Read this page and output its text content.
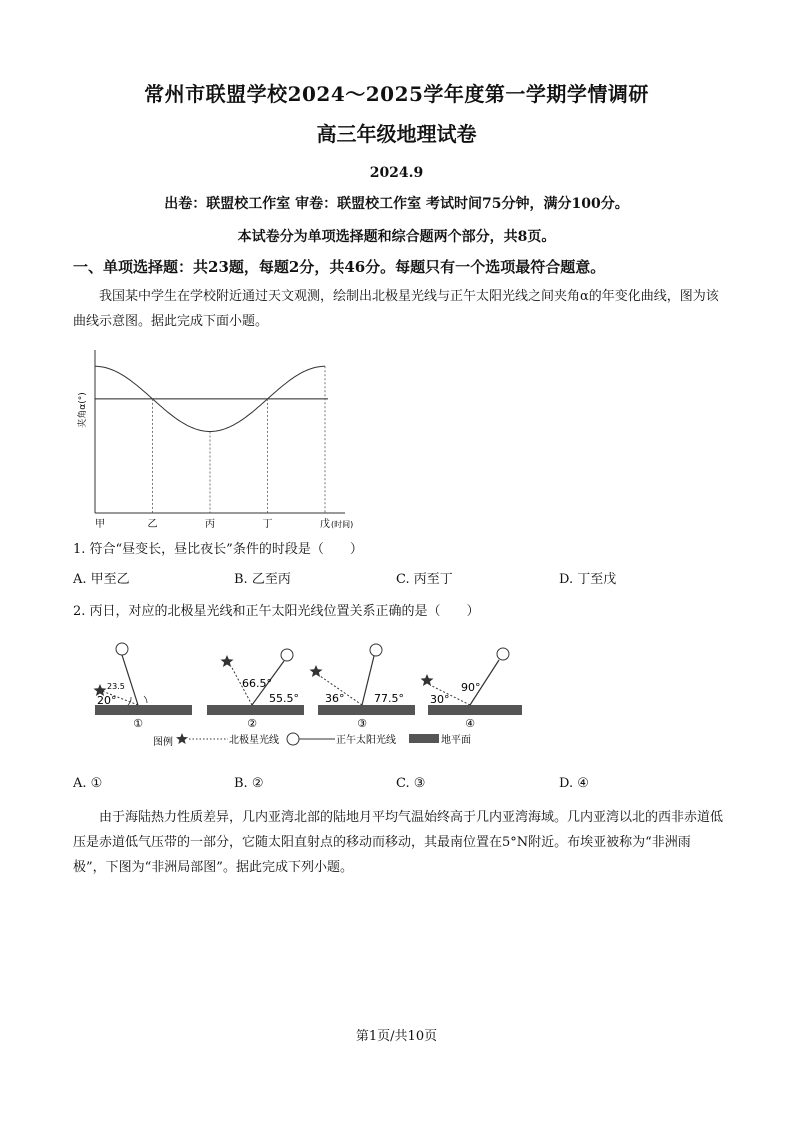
常州市联盟学校2024～2025学年度第一学期学情调研
高三年级地理试卷
2024.9
出卷：联盟校工作室 审卷：联盟校工作室 考试时间75分钟，满分100分。
本试卷分为单项选择题和综合题两个部分，共8页。
一、单项选择题：共23题，每题2分，共46分。每题只有一个选项最符合题意。
我国某中学生在学校附近通过天文观测，绘制出北极星光线与正午太阳光线之间夹角α的年变化曲线，图为该曲线示意图。据此完成下面小题。
夹角α(°)
甲	乙	丙	丁	戊 (时间)
1. 符合“昼变长，昼比夜长”条件的时段是（　　）
A. 甲至乙	B. 乙至丙	C. 丙至丁	D. 丁至戊
2. 丙日，对应的北极星光线和正午太阳光线位置关系正确的是（　　）
23.5
20°
①
66.5°
55.5°
②
36°	77.5°
③
90°
30°
④
图例	北极星光线	正午太阳光线	地平面
A. ①	B. ②	C. ③	D. ④
由于海陆热力性质差异，几内亚湾北部的陆地月平均气温始终高于几内亚湾海域。几内亚湾以北的西非赤道低压是赤道低气压带的一部分，它随太阳直射点的移动而移动，其最南位置在5°N附近。布埃亚被称为“非洲雨极”，下图为“非洲局部图”。据此完成下列小题。
第1页/共10页
